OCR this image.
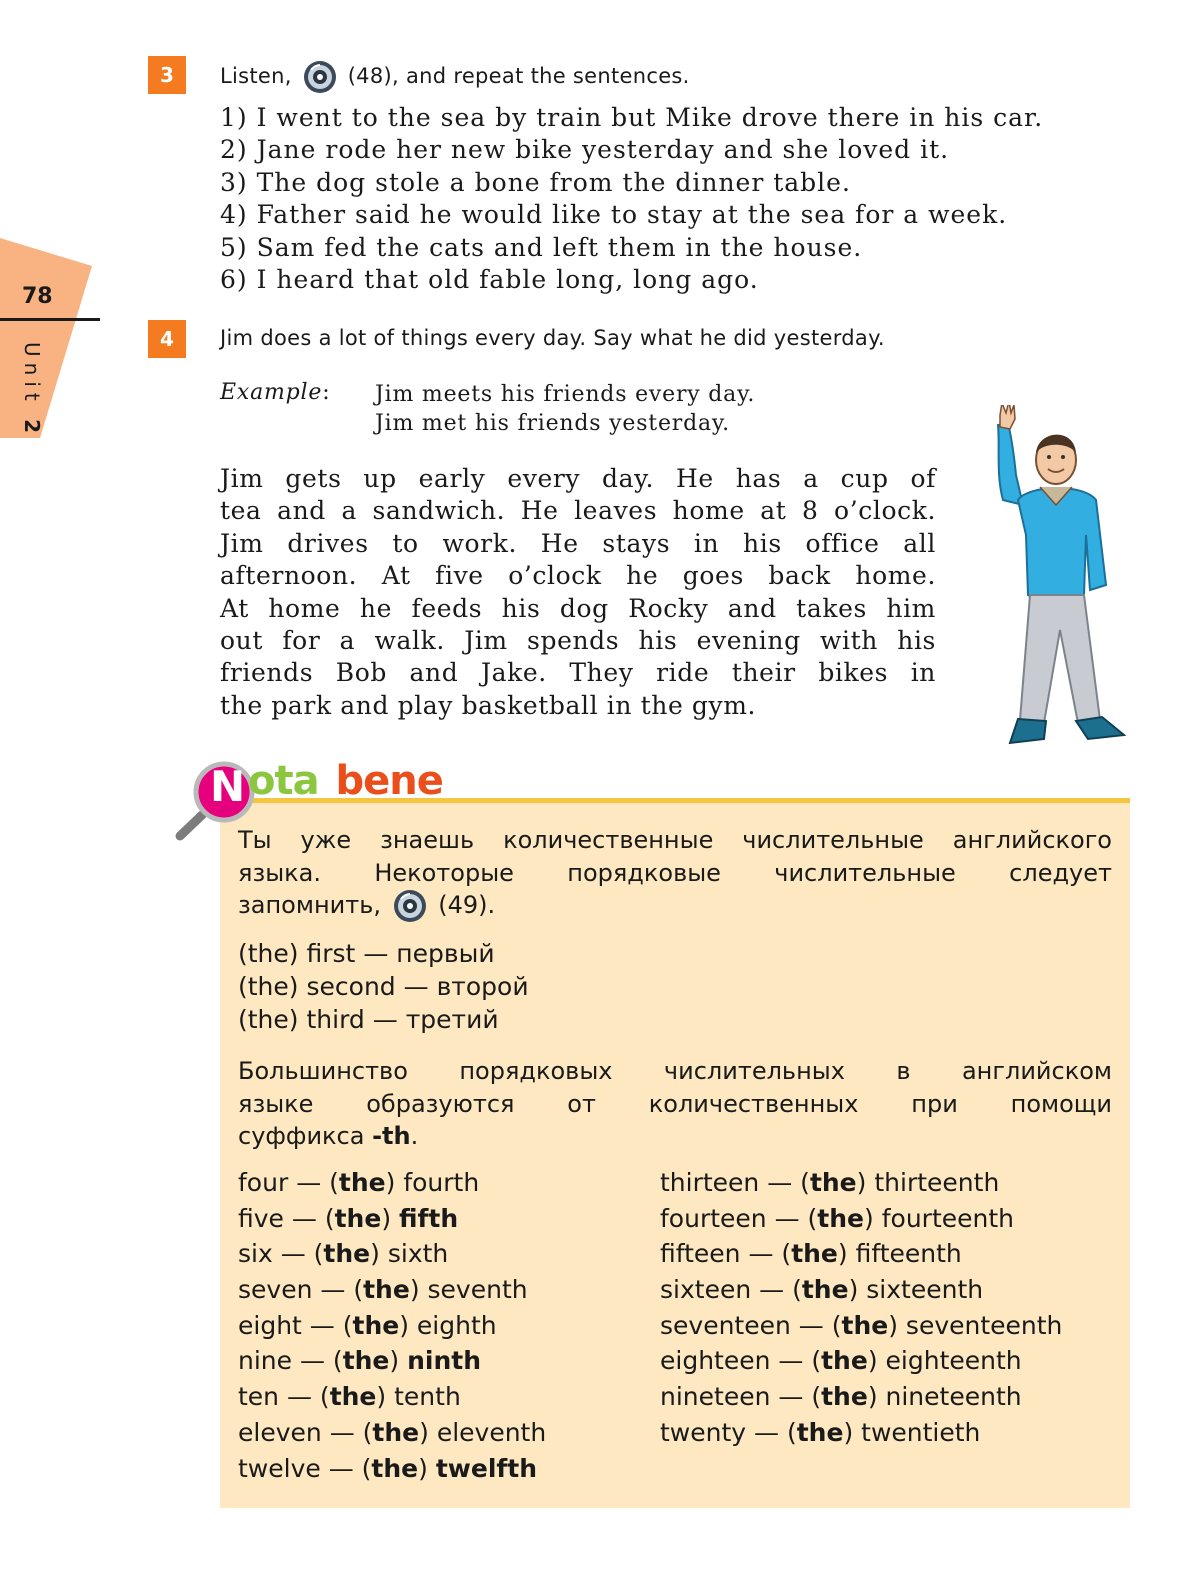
78
Unit 2
3	Listen,	(48), and repeat the sentences.
1) I went to the sea by train but Mike drove there in his car.
2) Jane rode her new bike yesterday and she loved it.
3) The dog stole a bone from the dinner table.
4) Father said he would like to stay at the sea for a week.
5) Sam fed the cats and left them in the house.
6) I heard that old fable long, long ago.
4	Jim does a lot of things every day. Say what he did yesterday.
Example: Jim meets his friends every day.
Jim met his friends yesterday.
Jim gets up early every day. He has a cup of
tea and a sandwich. He leaves home at 8 o’clock.
Jim drives to work. He stays in his office all
afternoon. At five o’clock he goes back home.
At home he feeds his dog Rocky and takes him
out for a walk. Jim spends his evening with his
friends Bob and Jake. They ride their bikes in
the park and play basketball in the gym.
N ota bene
Ты уже знаешь количественные числительные английского
языка. Некоторые порядковые числительные следует
запомнить, (49).
(the) first — первый
(the) second — второй
(the) third — третий
Большинство порядковых числительных в английском
языке образуются от количественных при помощи
суффикса -th.
four — (the) fourth
five — (the) fifth
six — (the) sixth
seven — (the) seventh
eight — (the) eighth
nine — (the) ninth
ten — (the) tenth
eleven — (the) eleventh
twelve — (the) twelfth
thirteen — (the) thirteenth
fourteen — (the) fourteenth
fifteen — (the) fifteenth
sixteen — (the) sixteenth
seventeen — (the) seventeenth
eighteen — (the) eighteenth
nineteen — (the) nineteenth
twenty — (the) twentieth
